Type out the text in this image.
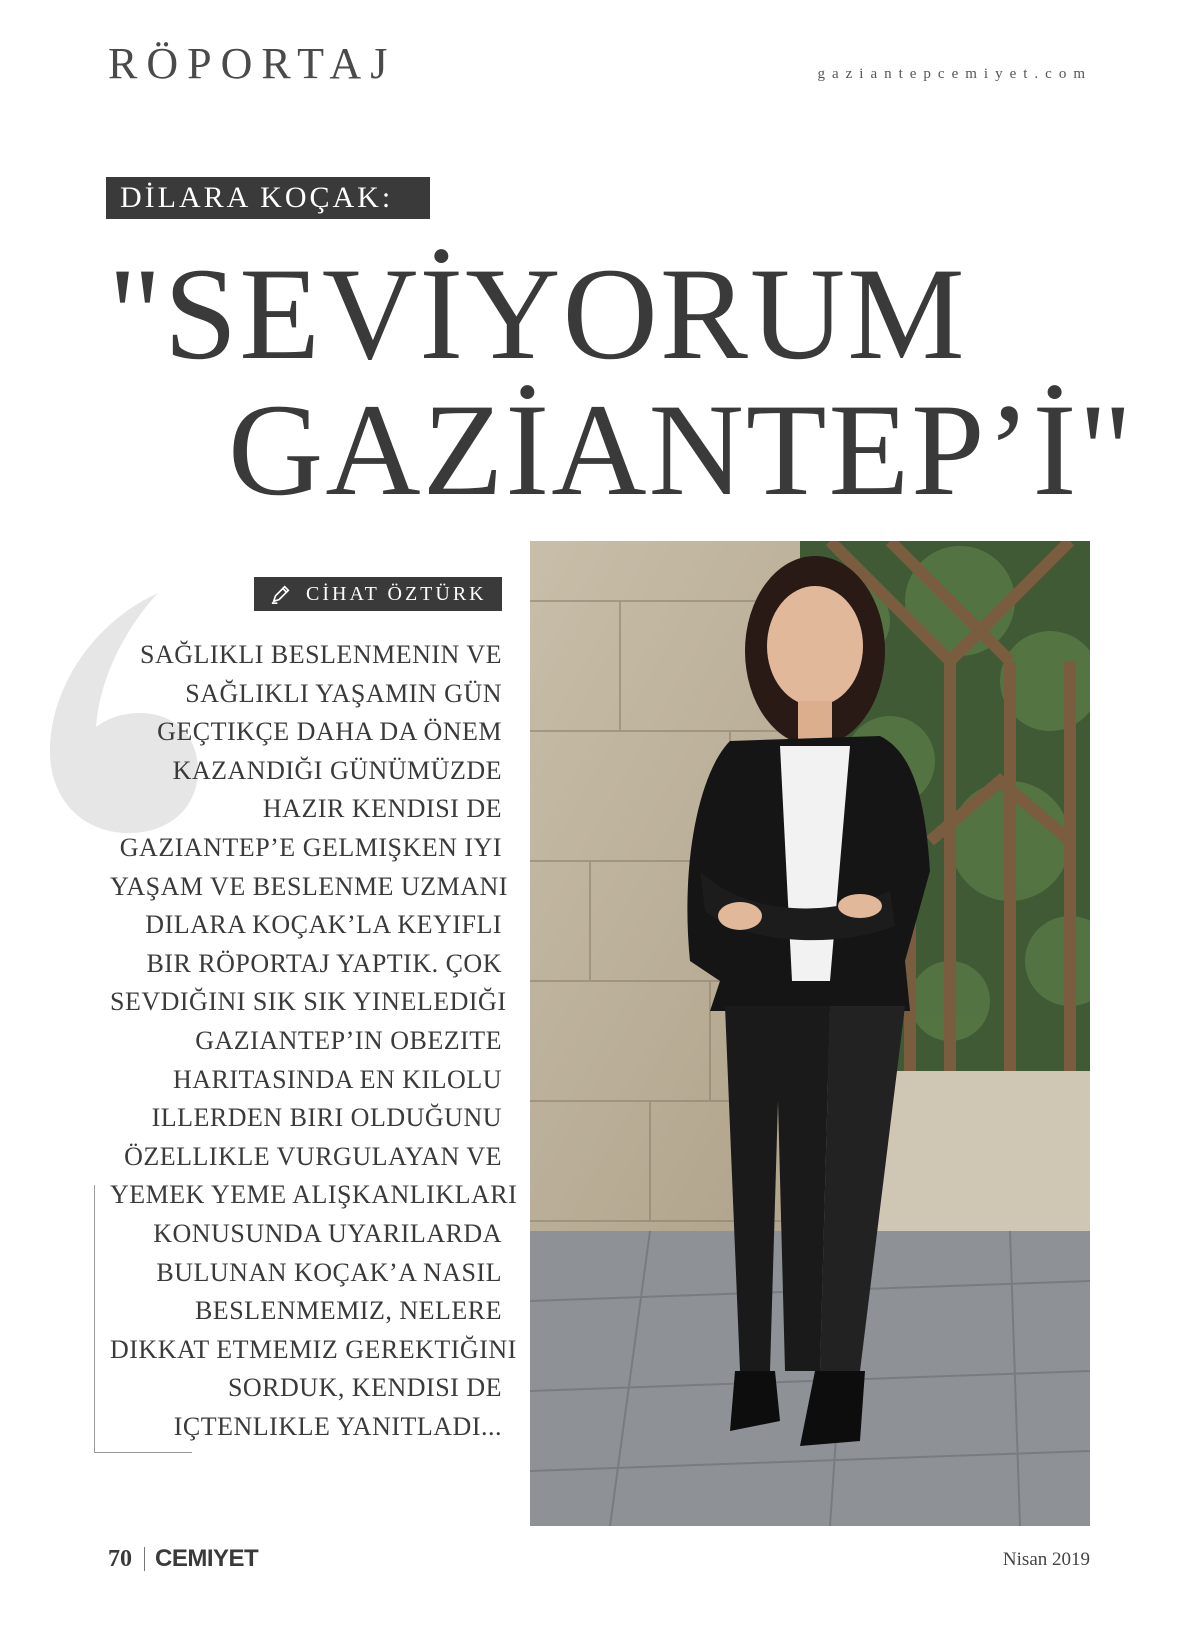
RÖPORTAJ	gaziantepcemiyet.com
DİLARA KOÇAK:
"SEVİYORUM
GAZİANTEP’İ"
CİHAT ÖZTÜRK
SAĞLIKLI BESLENMENIN VE
SAĞLIKLI YAŞAMIN GÜN
GEÇTIKÇE DAHA DA ÖNEM
KAZANDIĞI GÜNÜMÜZDE
HAZIR KENDISI DE
GAZIANTEP’E GELMIŞKEN IYI
YAŞAM VE BESLENME UZMANI
DILARA KOÇAK’LA KEYIFLI
BIR RÖPORTAJ YAPTIK. ÇOK
SEVDIĞINI SIK SIK YINELEDIĞI
GAZIANTEP’IN OBEZITE
HARITASINDA EN KILOLU
ILLERDEN BIRI OLDUĞUNU
ÖZELLIKLE VURGULAYAN VE
YEMEK YEME ALIŞKANLIKLARI
KONUSUNDA UYARILARDA
BULUNAN KOÇAK’A NASIL
BESLENMEMIZ, NELERE
DIKKAT ETMEMIZ GEREKTIĞINI
SORDUK, KENDISI DE
IÇTENLIKLE YANITLADI...
70 CEMIYET	Nisan 2019
